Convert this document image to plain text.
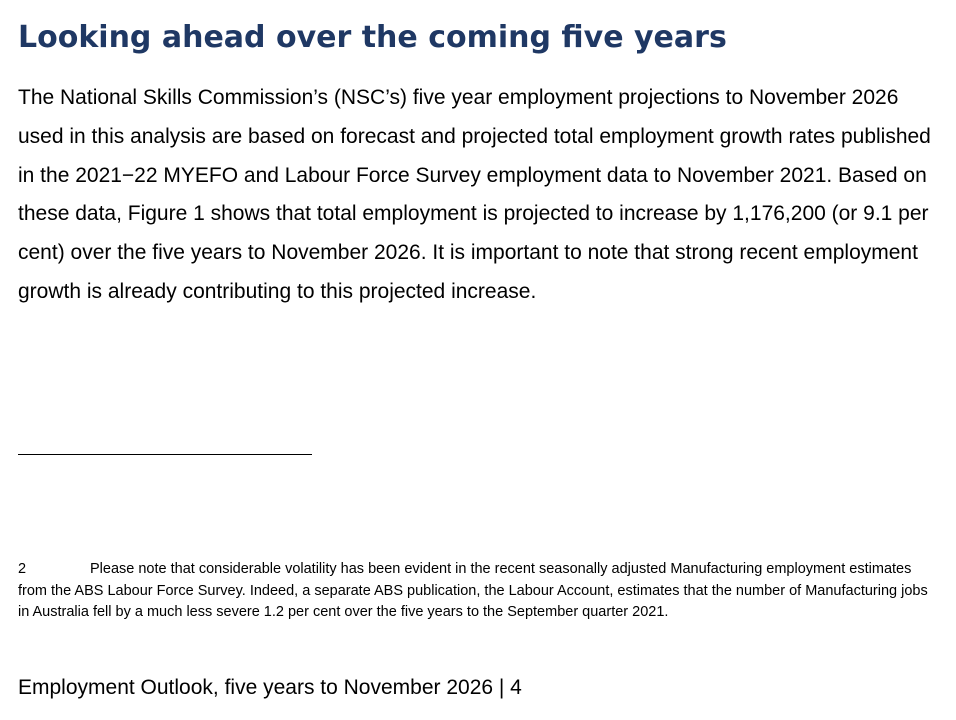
Looking ahead over the coming five years

The National Skills Commission’s (NSC’s) five year employment projections to November 2026 used in this analysis are based on forecast and projected total employment growth rates published in the 2021−22 MYEFO and Labour Force Survey employment data to November 2021. Based on these data, Figure 1 shows that total employment is projected to increase by 1,176,200 (or 9.1 per cent) over the five years to November 2026. It is important to note that strong recent employment growth is already contributing to this projected increase.

2	Please note that considerable volatility has been evident in the recent seasonally adjusted Manufacturing employment estimates from the ABS Labour Force Survey. Indeed, a separate ABS publication, the Labour Account, estimates that the number of Manufacturing jobs in Australia fell by a much less severe 1.2 per cent over the five years to the September quarter 2021.

Employment Outlook, five years to November 2026 | 4
